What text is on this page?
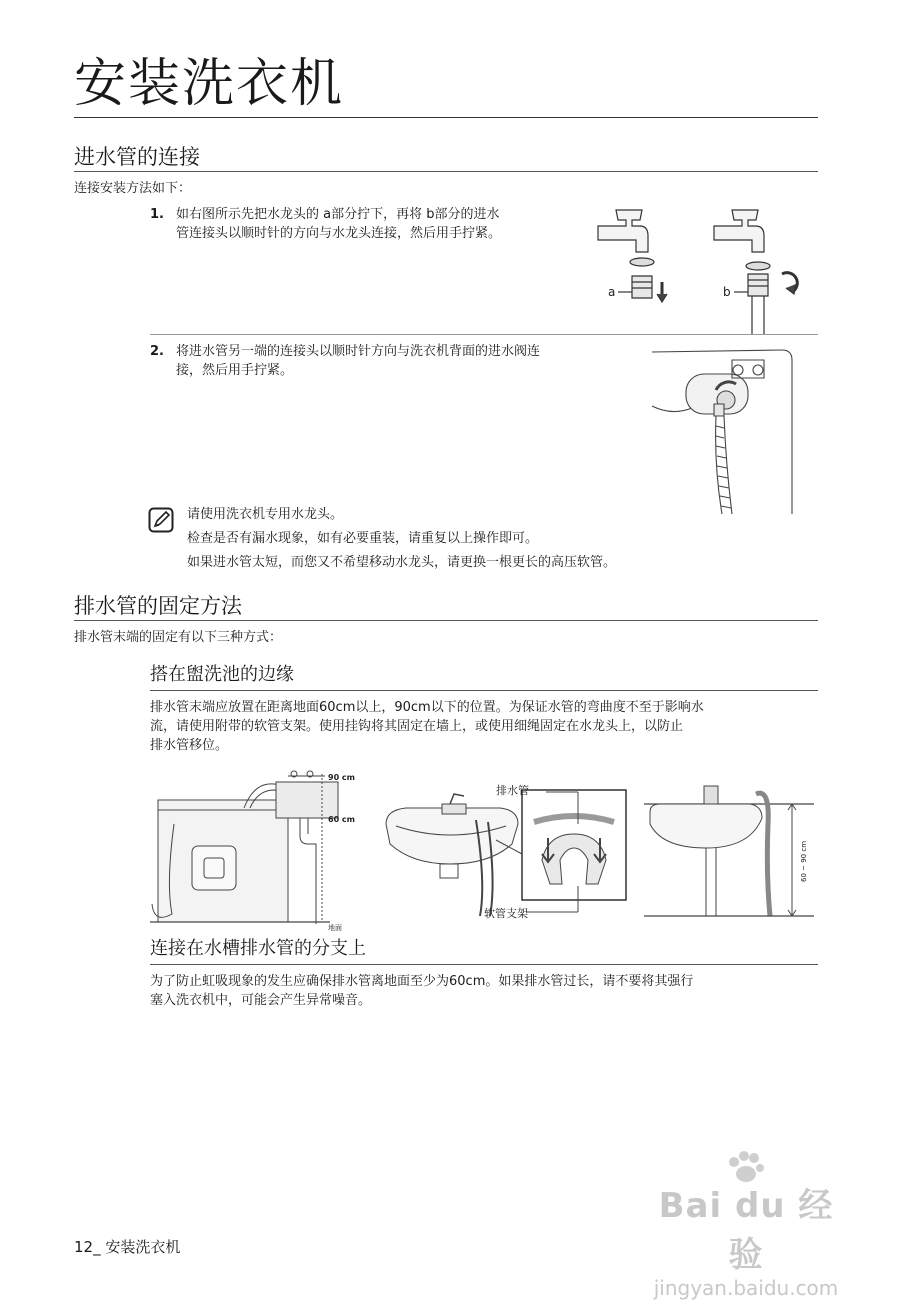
安装洗衣机
进水管的连接

连接安装方法如下：

1. 如右图所示先把水龙头的 a部分拧下，再将 b部分的进水

管连接头以顺时针的方向与水龙头连接，然后用手拧紧。

a	b
2. 将进水管另一端的连接头以顺时针方向与洗衣机背面的进水阀连

接，然后用手拧紧。

请使用洗衣机专用水龙头。

检查是否有漏水现象，如有必要重装，请重复以上操作即可。

如果进水管太短，而您又不希望移动水龙头，请更换一根更长的高压软管。

排水管的固定方法

排水管末端的固定有以下三种方式：

搭在盥洗池的边缘

排水管末端应放置在距离地面60cm以上，90cm以下的位置。为保证水管的弯曲度不至于影响水

流，请使用附带的软管支架。使用挂钩将其固定在墙上，或使用细绳固定在水龙头上，以防止

排水管移位。

90 cm
60 cm
地面
排水管
软管支架
60 ~ 90 cm
连接在水槽排水管的分支上

为了防止虹吸现象的发生应确保排水管离地面至少为60cm。如果排水管过长，请不要将其强行

塞入洗衣机中，可能会产生异常噪音。

Bai du 经验
jingyan.baidu.com

12_ 安装洗衣机
